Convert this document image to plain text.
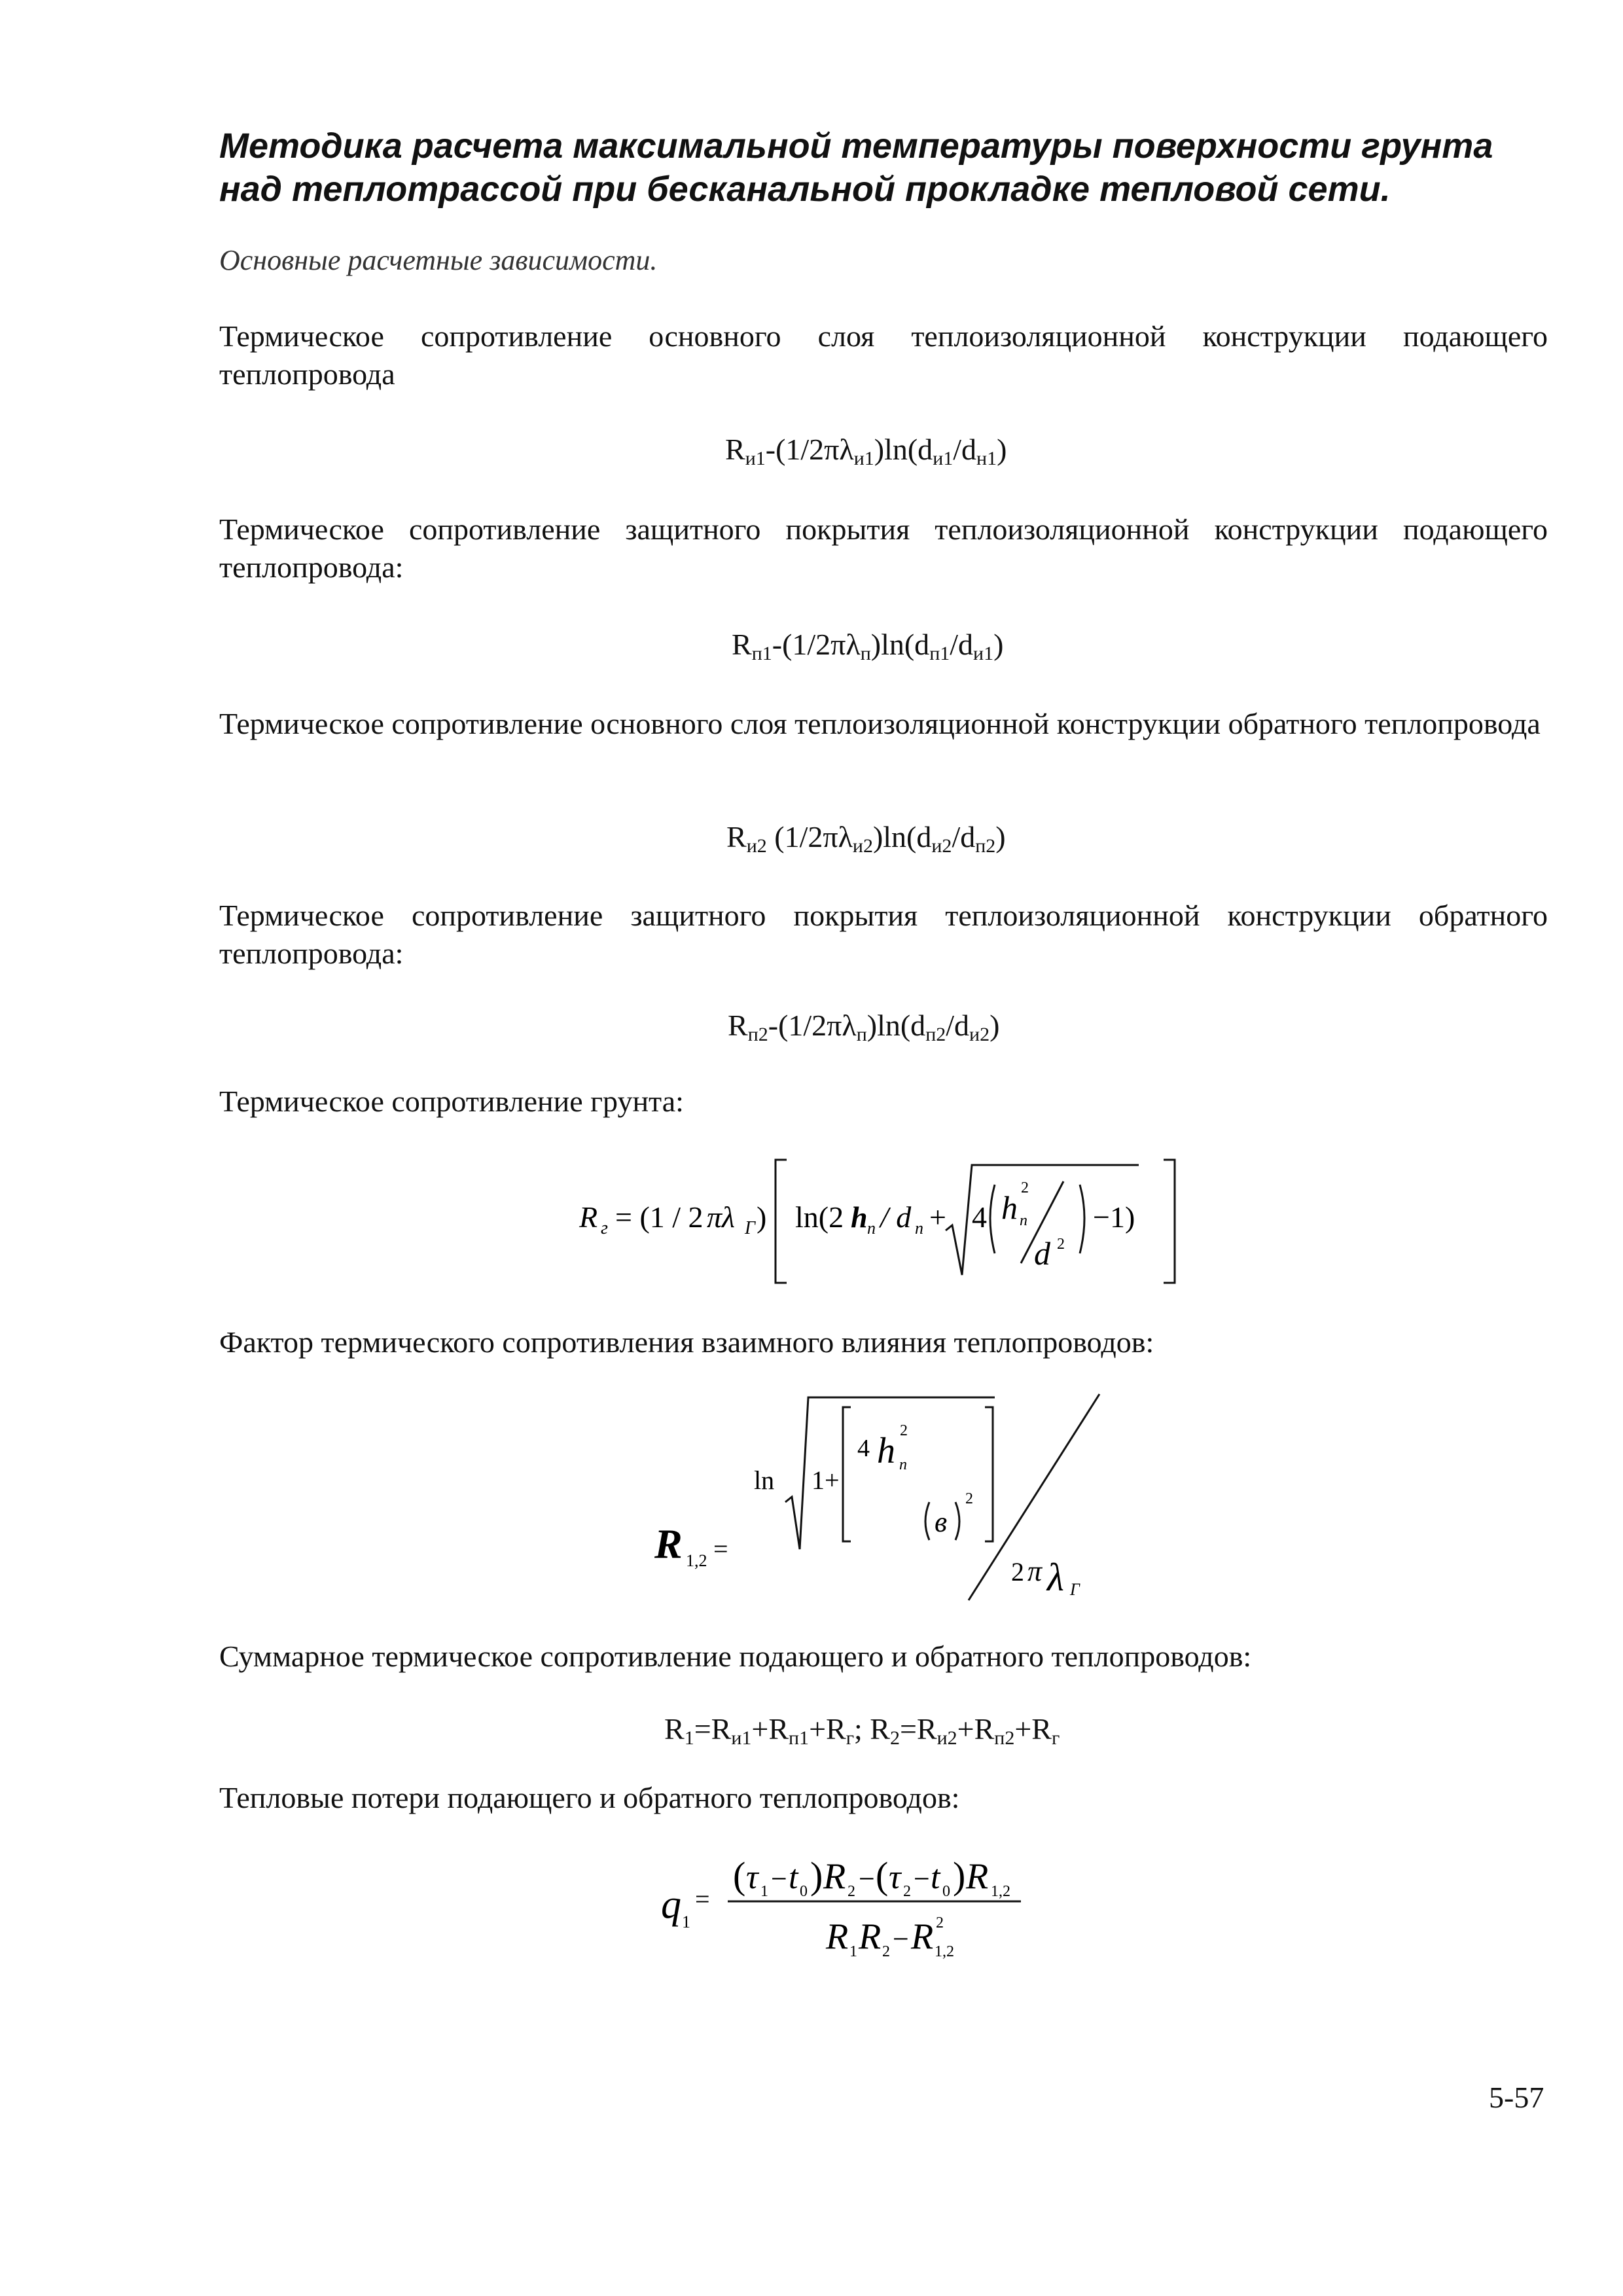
Методика расчета максимальной температуры поверхности грунта над теплотрассой при бесканальной прокладке тепловой сети.
Основные расчетные зависимости.
Термическое сопротивление основного слоя теплоизоляционной конструкции подающего теплопровода
$R_{и1}-(1/2\pi\lambda_{и1})\ln(d_{и1}/d_{н1})$
Термическое сопротивление защитного покрытия теплоизоляционной конструкции подающего теплопровода:
$R_{п1}-(1/2\pi\lambda_п)\ln(d_{п1}/d_{и1})$
Термическое сопротивление основного слоя теплоизоляционной конструкции обратного теплопровода
$R_{и2}$ $(1/2\pi\lambda_{и2})\ln(d_{и2}/d_{п2})$
Термическое сопротивление защитного покрытия теплоизоляционной конструкции обратного теплопровода:
$R_{п2}-(1/2\pi\lambda_п)\ln(d_{п2}/d_{и2})$
Термическое сопротивление грунта:
R г = (1 / 2 πλ Г ) ln(2 h п / d п + 4 h
2
п
d 2
−1)
Фактор термического сопротивления взаимного влияния теплопроводов:
R 1,2 =
ln 1+
4 h 2
п
в
2
2 π λ Г
Суммарное термическое сопротивление подающего и обратного теплопроводов:
$R_1=R_{и1}+R_{п1}+R_г$; $R_2=R_{и2}+R_{п2}+R_г$
Тепловые потери подающего и обратного теплопроводов:
q 1
=
( τ 1 − t 0 ) R 2 − ( τ 2 − t 0 ) R 1,2
R 1 R 2 − R 2
1,2
5-57
